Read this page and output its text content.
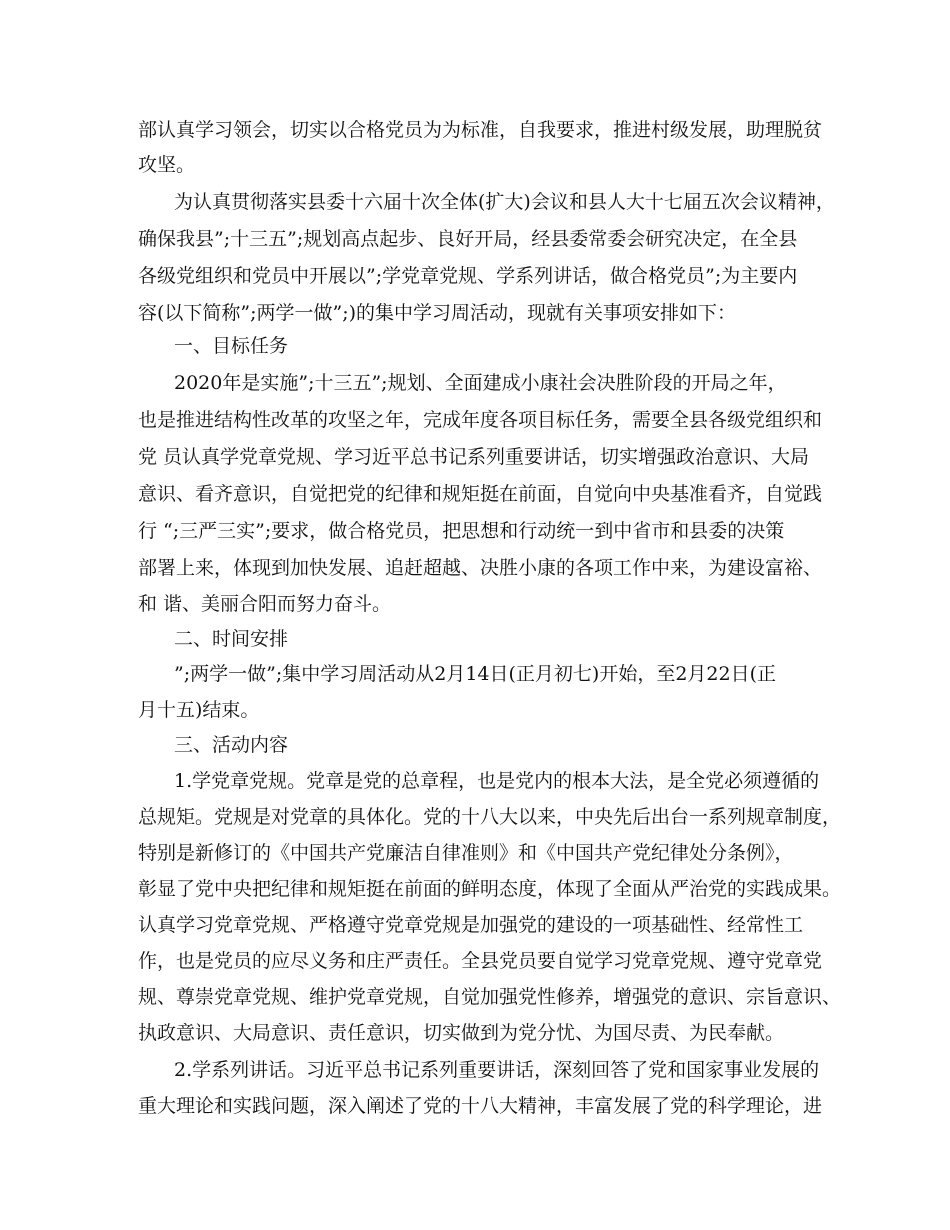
部认真学习领会，切实以合格党员为为标准，自我要求，推进村级发展，助理脱贫

攻坚。

为认真贯彻落实县委十六届十次全体(扩大)会议和县人大十七届五次会议精神，

确保我县”;十三五”;规划高点起步、良好开局，经县委常委会研究决定，在全县

各级党组织和党员中开展以”;学党章党规、学系列讲话，做合格党员”;为主要内

容(以下简称”;两学一做”;)的集中学习周活动，现就有关事项安排如下：

一、目标任务

2020年是实施”;十三五”;规划、全面建成小康社会决胜阶段的开局之年，

也是推进结构性改革的攻坚之年，完成年度各项目标任务，需要全县各级党组织和

党 员认真学党章党规、学习近平总书记系列重要讲话，切实增强政治意识、大局

意识、看齐意识，自觉把党的纪律和规矩挺在前面，自觉向中央基准看齐，自觉践

行 “;三严三实”;要求，做合格党员，把思想和行动统一到中省市和县委的决策

部署上来，体现到加快发展、追赶超越、决胜小康的各项工作中来，为建设富裕、

和 谐、美丽合阳而努力奋斗。

二、时间安排

”;两学一做”;集中学习周活动从2月14日(正月初七)开始，至2月22日(正

月十五)结束。

三、活动内容

1.学党章党规。党章是党的总章程，也是党内的根本大法，是全党必须遵循的

总规矩。党规是对党章的具体化。党的十八大以来，中央先后出台一系列规章制度，

特别是新修订的《中国共产党廉洁自律准则》和《中国共产党纪律处分条例》，

彰显了党中央把纪律和规矩挺在前面的鲜明态度，体现了全面从严治党的实践成果。

认真学习党章党规、严格遵守党章党规是加强党的建设的一项基础性、经常性工

作，也是党员的应尽义务和庄严责任。全县党员要自觉学习党章党规、遵守党章党

规、尊崇党章党规、维护党章党规，自觉加强党性修养，增强党的意识、宗旨意识、

执政意识、大局意识、责任意识，切实做到为党分忧、为国尽责、为民奉献。

2.学系列讲话。习近平总书记系列重要讲话，深刻回答了党和国家事业发展的

重大理论和实践问题，深入阐述了党的十八大精神，丰富发展了党的科学理论，进
